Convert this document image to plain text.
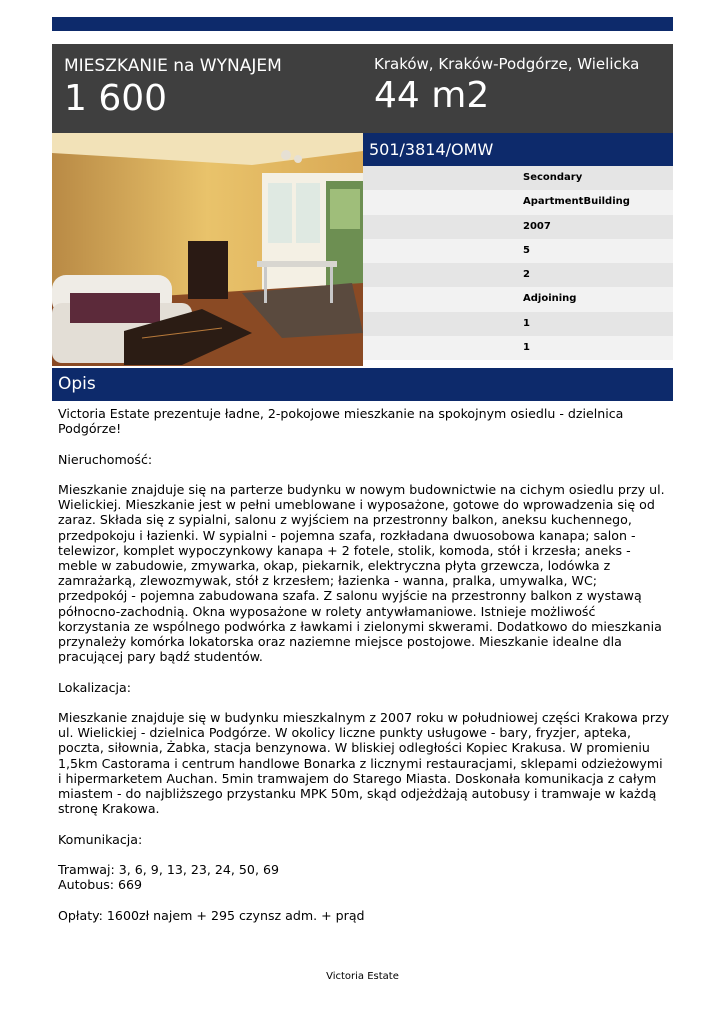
MIESZKANIE na WYNAJEM
1 600
Kraków, Kraków-Podgórze, Wielicka
44 m2
501/3814/OMW
Secondary
ApartmentBuilding
2007
5
2
Adjoining
1
1
Opis

Victoria Estate prezentuje ładne, 2-pokojowe mieszkanie na spokojnym osiedlu - dzielnica Podgórze!

Nieruchomość:

Mieszkanie znajduje się na parterze budynku w nowym budownictwie na cichym osiedlu przy ul. Wielickiej. Mieszkanie jest w pełni umeblowane i wyposażone, gotowe do wprowadzenia się od zaraz. Składa się z sypialni, salonu z wyjściem na przestronny balkon, aneksu kuchennego, przedpokoju i łazienki. W sypialni - pojemna szafa, rozkładana dwuosobowa kanapa; salon - telewizor, komplet wypoczynkowy kanapa + 2 fotele, stolik, komoda, stół i krzesła; aneks - meble w zabudowie, zmywarka, okap, piekarnik, elektryczna płyta grzewcza, lodówka z zamrażarką, zlewozmywak, stół z krzesłem; łazienka - wanna, pralka, umywalka, WC; przedpokój - pojemna zabudowana szafa. Z salonu wyjście na przestronny balkon z wystawą północno-zachodnią. Okna wyposażone w rolety antywłamaniowe. Istnieje możliwość korzystania ze wspólnego podwórka z ławkami i zielonymi skwerami. Dodatkowo do mieszkania przynależy komórka lokatorska oraz naziemne miejsce postojowe. Mieszkanie idealne dla pracującej pary bądź studentów.

Lokalizacja:

Mieszkanie znajduje się w budynku mieszkalnym z 2007 roku w południowej części Krakowa przy ul. Wielickiej - dzielnica Podgórze. W okolicy liczne punkty usługowe - bary, fryzjer, apteka, poczta, siłownia, Żabka, stacja benzynowa. W bliskiej odległości Kopiec Krakusa. W promieniu 1,5km Castorama i centrum handlowe Bonarka z licznymi restauracjami, sklepami odzieżowymi i hipermarketem Auchan. 5min tramwajem do Starego Miasta. Doskonała komunikacja z całym miastem - do najbliższego przystanku MPK 50m, skąd odjeżdżają autobusy i tramwaje w każdą stronę Krakowa.

Komunikacja:

Tramwaj: 3, 6, 9, 13, 23, 24, 50, 69
Autobus: 669

Opłaty: 1600zł najem + 295 czynsz adm. + prąd

Victoria Estate
